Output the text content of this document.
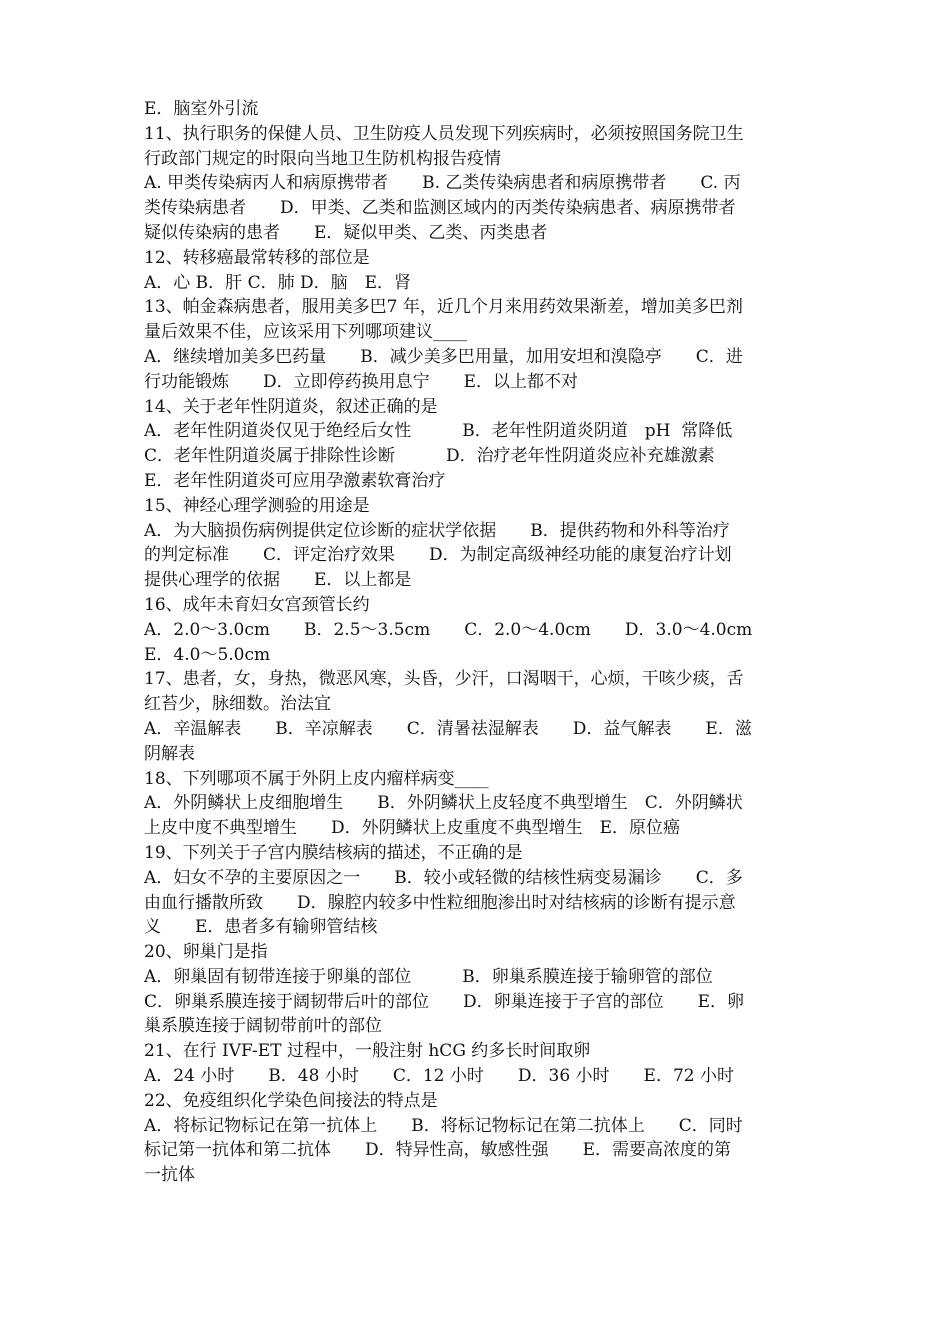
E．脑室外引流
11、执行职务的保健人员、卫生防疫人员发现下列疾病时，必须按照国务院卫生
行政部门规定的时限向当地卫生防机构报告疫情
A. 甲类传染病丙人和病原携带者　　B. 乙类传染病患者和病原携带者　　C. 丙
类传染病患者　　D．甲类、乙类和监测区域内的丙类传染病患者、病原携带者
疑似传染病的患者　　E．疑似甲类、乙类、丙类患者
12、转移癌最常转移的部位是
A．心 B．肝 C．肺 D．脑　E．肾
13、帕金森病患者，服用美多巴7 年，近几个月来用药效果渐差，增加美多巴剂
量后效果不佳，应该采用下列哪项建议____
A．继续增加美多巴药量　　B．减少美多巴用量，加用安坦和溴隐亭　　C．进
行功能锻炼　　D．立即停药换用息宁　　E．以上都不对
14、关于老年性阴道炎，叙述正确的是
A．老年性阴道炎仅见于绝经后女性　　　B．老年性阴道炎阴道　pH  常降低
C．老年性阴道炎属于排除性诊断　　　D．治疗老年性阴道炎应补充雄激素
E．老年性阴道炎可应用孕激素软膏治疗
15、神经心理学测验的用途是
A．为大脑损伤病例提供定位诊断的症状学依据　　B．提供药物和外科等治疗
的判定标准　　C．评定治疗效果　　D．为制定高级神经功能的康复治疗计划
提供心理学的依据　　E．以上都是
16、成年未育妇女宫颈管长约
A．2.0～3.0cm　　B．2.5～3.5cm　　C．2.0～4.0cm　　D．3.0～4.0cm
E．4.0～5.0cm
17、患者，女，身热，微恶风寒，头昏，少汗，口渴咽干，心烦，干咳少痰，舌
红苔少，脉细数。治法宜
A．辛温解表　　B．辛凉解表　　C．清暑祛湿解表　　D．益气解表　　E．滋
阴解表
18、下列哪项不属于外阴上皮内瘤样病变____
A．外阴鳞状上皮细胞增生　　B．外阴鳞状上皮轻度不典型增生　C．外阴鳞状
上皮中度不典型增生　　D．外阴鳞状上皮重度不典型增生　E．原位癌
19、下列关于子宫内膜结核病的描述，不正确的是
A．妇女不孕的主要原因之一　　B．较小或轻微的结核性病变易漏诊　　C．多
由血行播散所致　　D．腺腔内较多中性粒细胞渗出时对结核病的诊断有提示意
义　　E．患者多有输卵管结核
20、卵巢门是指
A．卵巢固有韧带连接于卵巢的部位　　　B．卵巢系膜连接于输卵管的部位
C．卵巢系膜连接于阔韧带后叶的部位　　D．卵巢连接于子宫的部位　　E．卵
巢系膜连接于阔韧带前叶的部位
21、在行 IVF-ET 过程中，一般注射 hCG 约多长时间取卵
A．24 小时　　B．48 小时　　C．12 小时　　D．36 小时　　E．72 小时
22、免疫组织化学染色间接法的特点是
A．将标记物标记在第一抗体上　　B．将标记物标记在第二抗体上　　C．同时
标记第一抗体和第二抗体　　D．特异性高，敏感性强　　E．需要高浓度的第
一抗体
